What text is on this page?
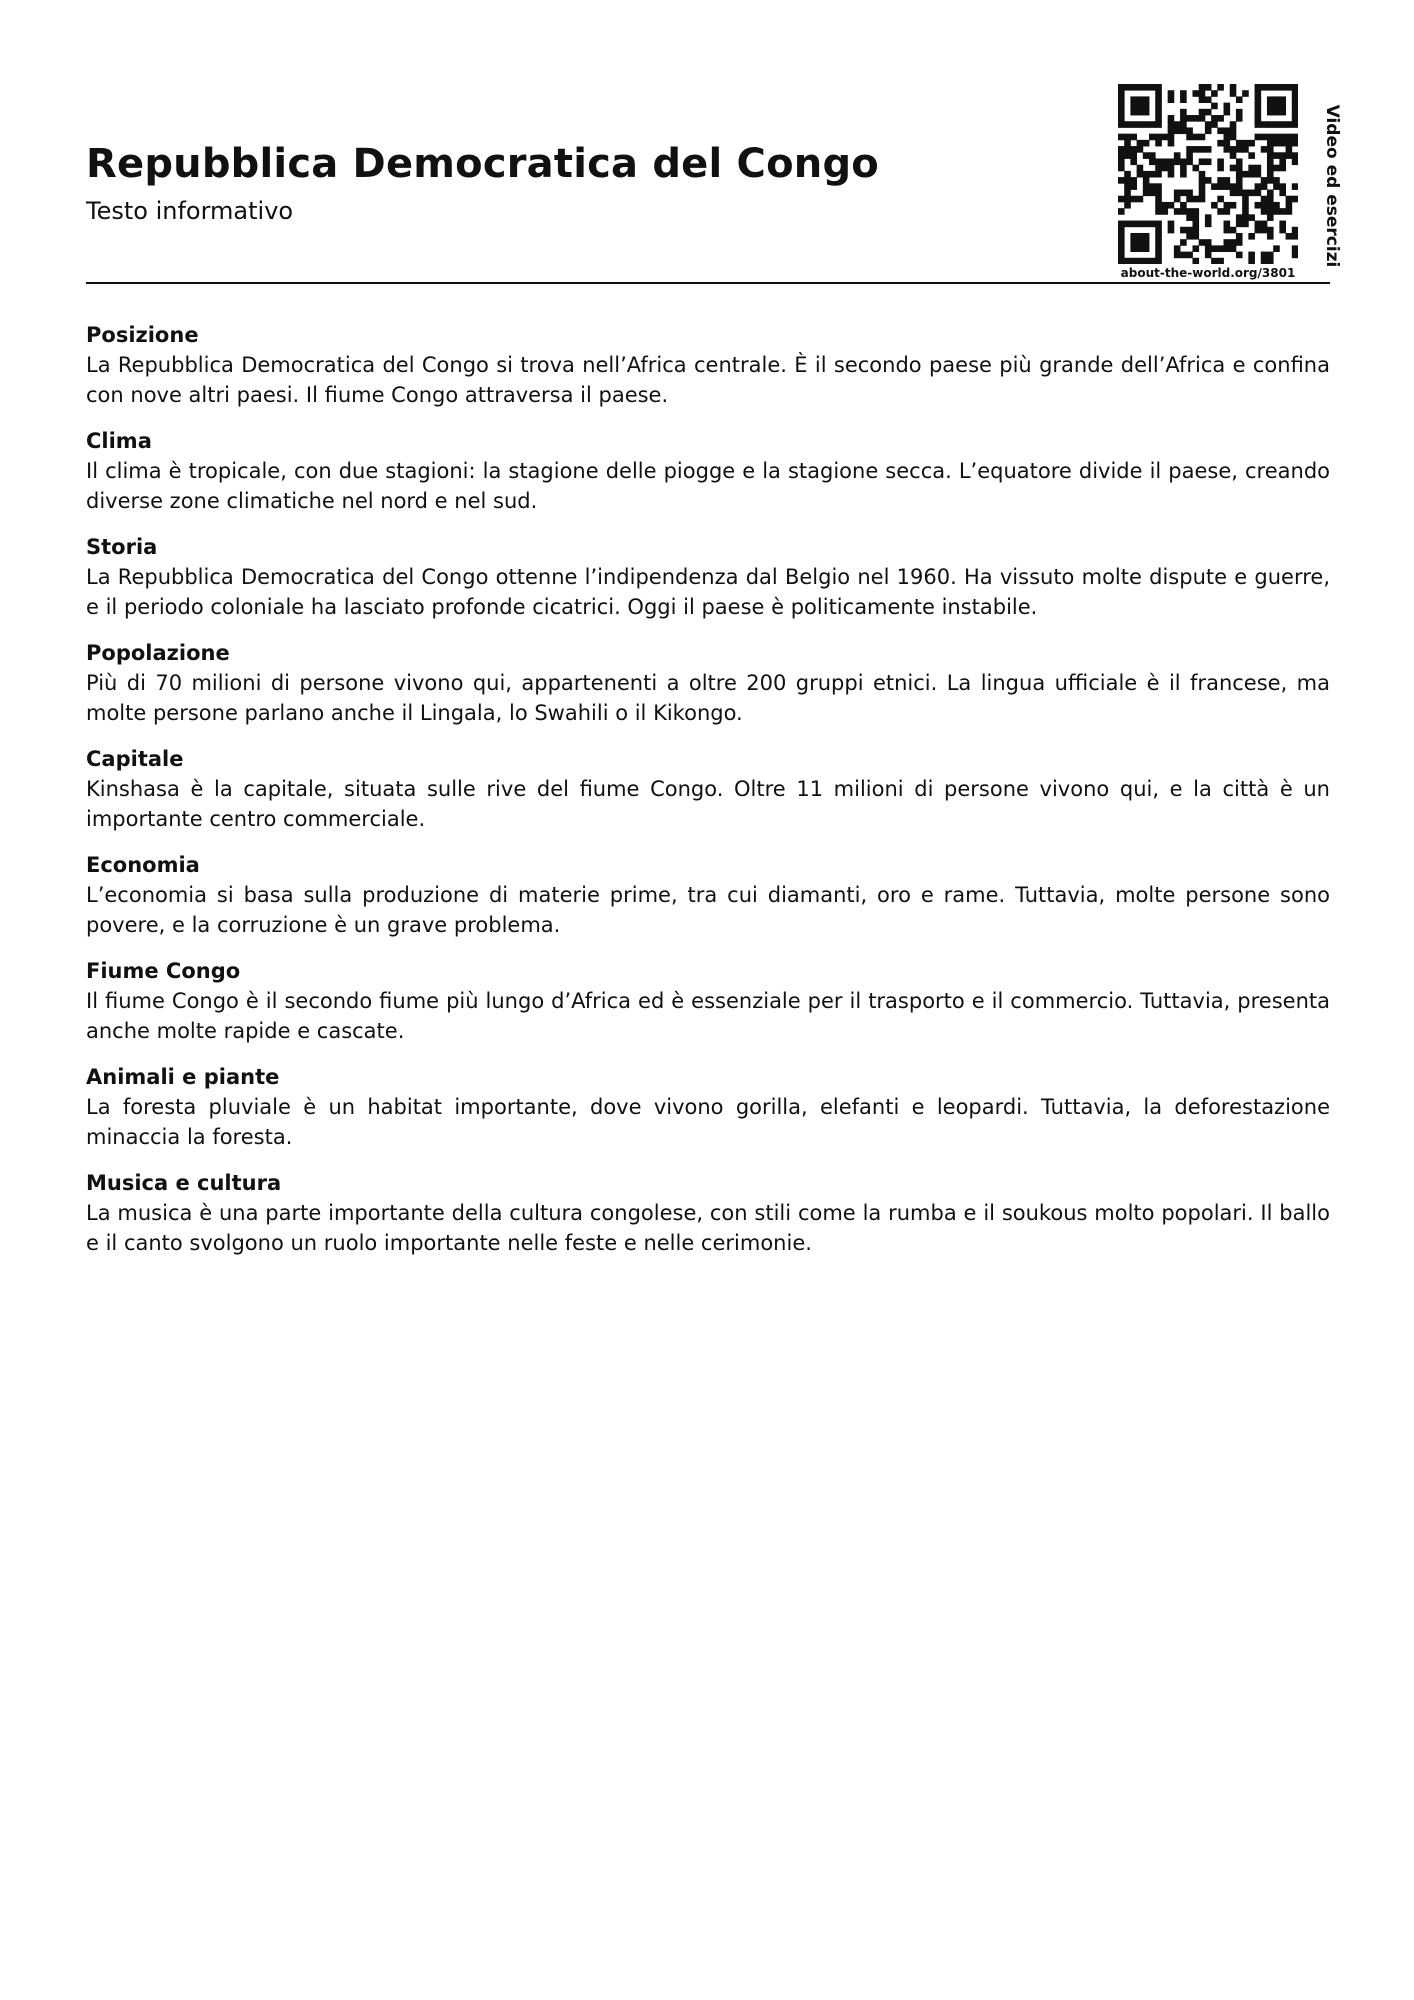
Repubblica Democratica del Congo
Testo informativo
about-the-world.org/3801
Video ed esercizi

Posizione

La Repubblica Democratica del Congo si trova nell’Africa centrale. È il secondo paese più grande dell’Africa e confina con nove altri paesi. Il fiume Congo attraversa il paese.

Clima

Il clima è tropicale, con due stagioni: la stagione delle piogge e la stagione secca. L’equatore divide il paese, creando diverse zone climatiche nel nord e nel sud.

Storia

La Repubblica Democratica del Congo ottenne l’indipendenza dal Belgio nel 1960. Ha vissuto molte dispute e guerre, e il periodo coloniale ha lasciato profonde cicatrici. Oggi il paese è politicamente instabile.

Popolazione

Più di 70 milioni di persone vivono qui, appartenenti a oltre 200 gruppi etnici. La lingua ufficiale è il francese, ma molte persone parlano anche il Lingala, lo Swahili o il Kikongo.

Capitale

Kinshasa è la capitale, situata sulle rive del fiume Congo. Oltre 11 milioni di persone vivono qui, e la città è un importante centro commerciale.

Economia

L’economia si basa sulla produzione di materie prime, tra cui diamanti, oro e rame. Tuttavia, molte persone sono povere, e la corruzione è un grave problema.

Fiume Congo

Il fiume Congo è il secondo fiume più lungo d’Africa ed è essenziale per il trasporto e il commercio. Tuttavia, presenta anche molte rapide e cascate.

Animali e piante

La foresta pluviale è un habitat importante, dove vivono gorilla, elefanti e leopardi. Tuttavia, la deforestazione minaccia la foresta.

Musica e cultura

La musica è una parte importante della cultura congolese, con stili come la rumba e il soukous molto popolari. Il ballo e il canto svolgono un ruolo importante nelle feste e nelle cerimonie.
